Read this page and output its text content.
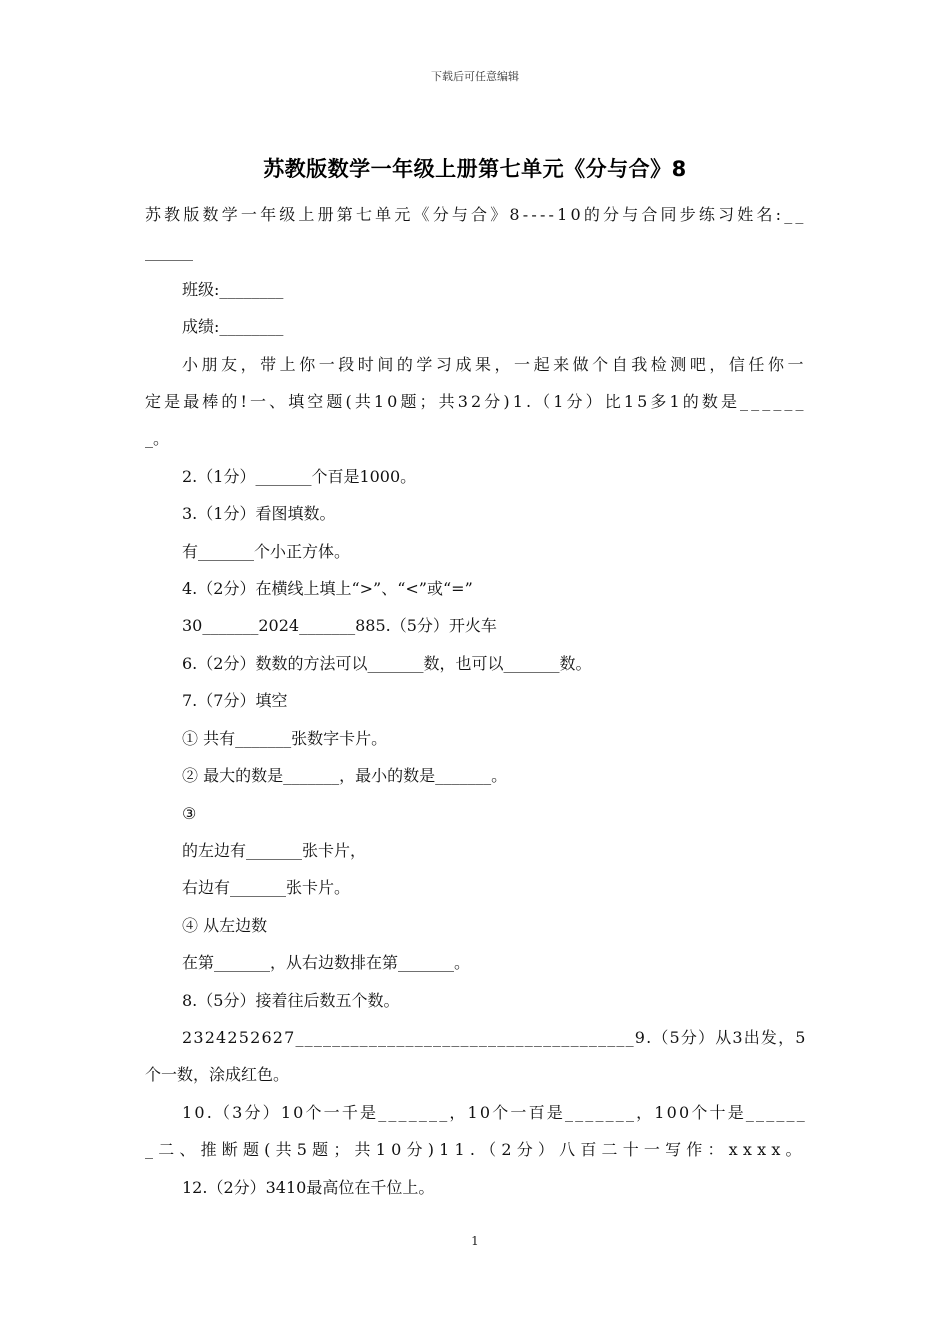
下载后可任意编辑
苏教版数学一年级上册第七单元《分与合》8

苏教版数学一年级上册第七单元《分与合》8----10的分与合同步练习姓名:__

______

班级:________

成绩:________

小朋友，带上你一段时间的学习成果，一起来做个自我检测吧，信任你一

定是最棒的!一、填空题(共10题；共32分)1.（1分）比15多1的数是______

_。

2.（1分）_______个百是1000。

3.（1分）看图填数。

有_______个小正方体。

4.（2分）在横线上填上“>”、“<”或“=”

30_______2024_______885.（5分）开火车

6.（2分）数数的方法可以_______数，也可以_______数。

7.（7分）填空

① 共有_______张数字卡片。

② 最大的数是_______，最小的数是_______。

③

的左边有_______张卡片，

右边有_______张卡片。

④ 从左边数

在第_______，从右边数排在第_______。

8.（5分）接着往后数五个数。

2324252627_____________________________________9.（5分）从3出发，5

个一数，涂成红色。

10.（3分）10个一千是_______，10个一百是_______，100个十是______

_二、推断题(共5题；共10分)11.（2分）八百二十一写作：xxxx。

12.（2分）3410最高位在千位上。

1
